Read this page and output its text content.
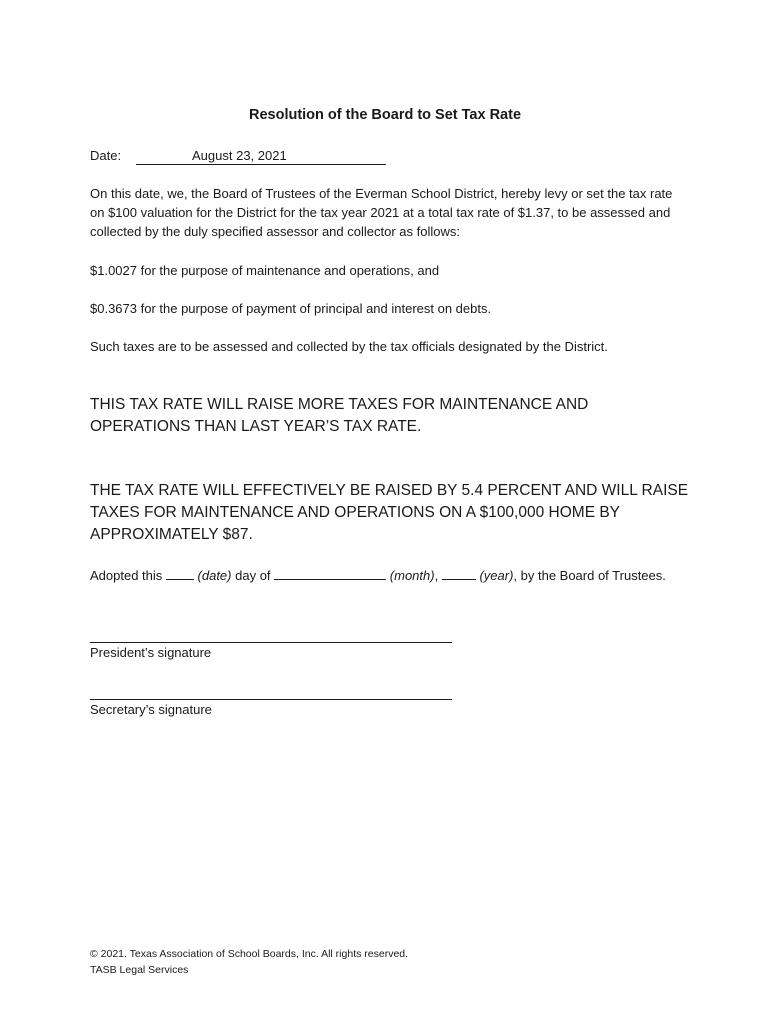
Resolution of the Board to Set Tax Rate
Date:	August 23, 2021
On this date, we, the Board of Trustees of the Everman School District, hereby levy or set the tax rate on $100 valuation for the District for the tax year 2021 at a total tax rate of $1.37, to be assessed and collected by the duly specified assessor and collector as follows:
$1.0027 for the purpose of maintenance and operations, and
$0.3673 for the purpose of payment of principal and interest on debts.
Such taxes are to be assessed and collected by the tax officials designated by the District.
THIS TAX RATE WILL RAISE MORE TAXES FOR MAINTENANCE AND OPERATIONS THAN LAST YEAR’S TAX RATE.
THE TAX RATE WILL EFFECTIVELY BE RAISED BY 5.4 PERCENT AND WILL RAISE TAXES FOR MAINTENANCE AND OPERATIONS ON A $100,000 HOME BY APPROXIMATELY $87.
Adopted this	(date) day of	(month),	(year), by the Board of Trustees.
President’s signature
Secretary’s signature
© 2021. Texas Association of School Boards, Inc. All rights reserved.
TASB Legal Services
